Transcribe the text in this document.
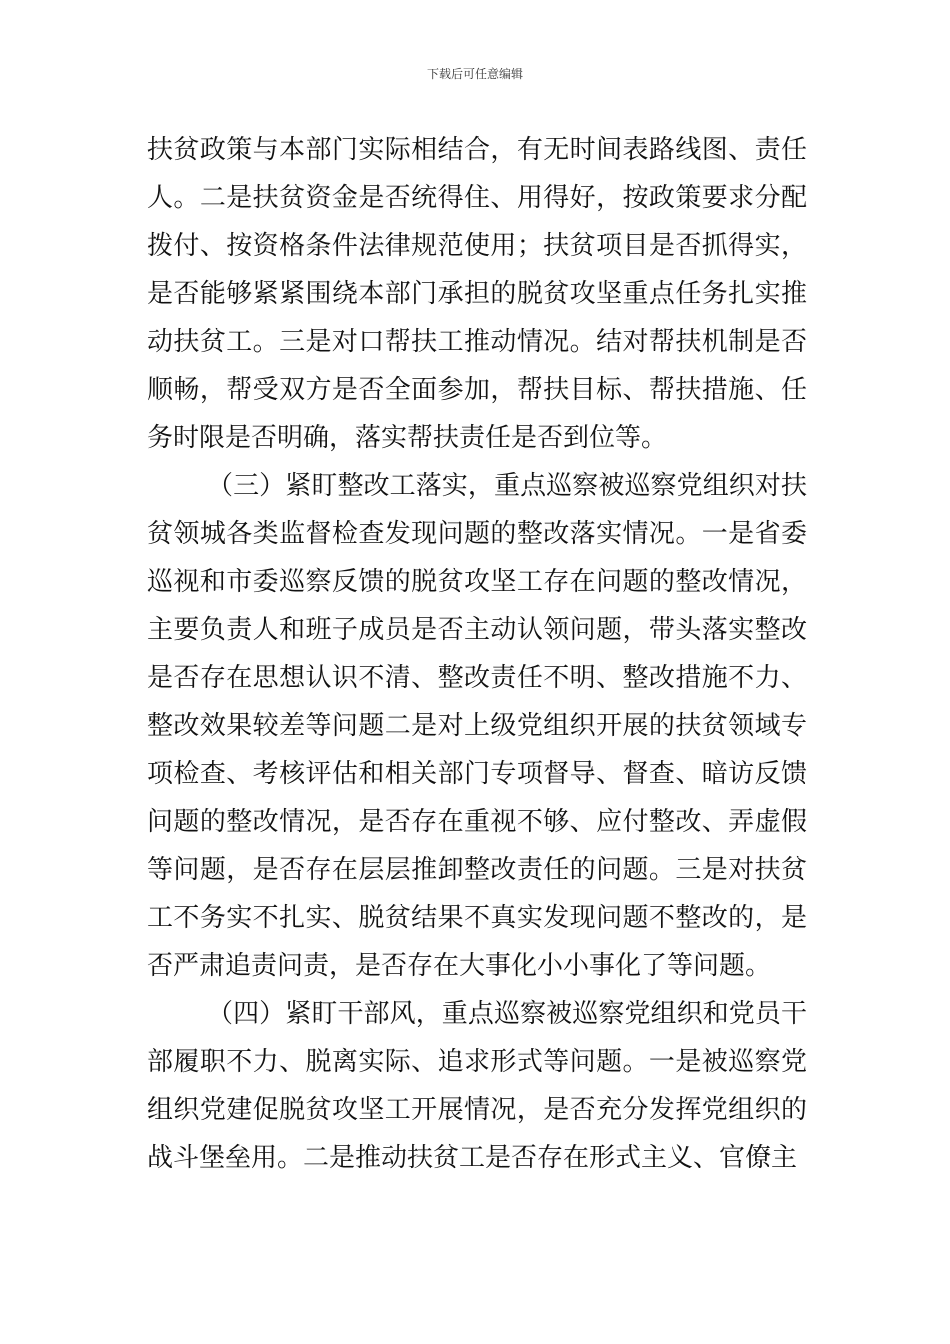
下载后可任意编辑

扶贫政策与本部门实际相结合，有无时间表路线图、责任人。二是扶贫资金是否统得住、用得好，按政策要求分配拨付、按资格条件法律规范使用；扶贫项目是否抓得实，是否能够紧紧围绕本部门承担的脱贫攻坚重点任务扎实推动扶贫工。三是对口帮扶工推动情况。结对帮扶机制是否顺畅，帮受双方是否全面参加，帮扶目标、帮扶措施、任务时限是否明确，落实帮扶责任是否到位等。

（三）紧盯整改工落实，重点巡察被巡察党组织对扶贫领城各类监督检查发现问题的整改落实情况。一是省委巡视和市委巡察反馈的脱贫攻坚工存在问题的整改情况，主要负责人和班子成员是否主动认领问题，带头落实整改是否存在思想认识不清、整改责任不明、整改措施不力、整改效果较差等问题二是对上级党组织开展的扶贫领域专项检查、考核评估和相关部门专项督导、督查、暗访反馈问题的整改情况，是否存在重视不够、应付整改、弄虚假等问题，是否存在层层推卸整改责任的问题。三是对扶贫工不务实不扎实、脱贫结果不真实发现问题不整改的，是否严肃追责问责，是否存在大事化小小事化了等问题。

（四）紧盯干部风，重点巡察被巡察党组织和党员干部履职不力、脱离实际、追求形式等问题。一是被巡察党组织党建促脱贫攻坚工开展情况，是否充分发挥党组织的战斗堡垒用。二是推动扶贫工是否存在形式主义、官僚主
